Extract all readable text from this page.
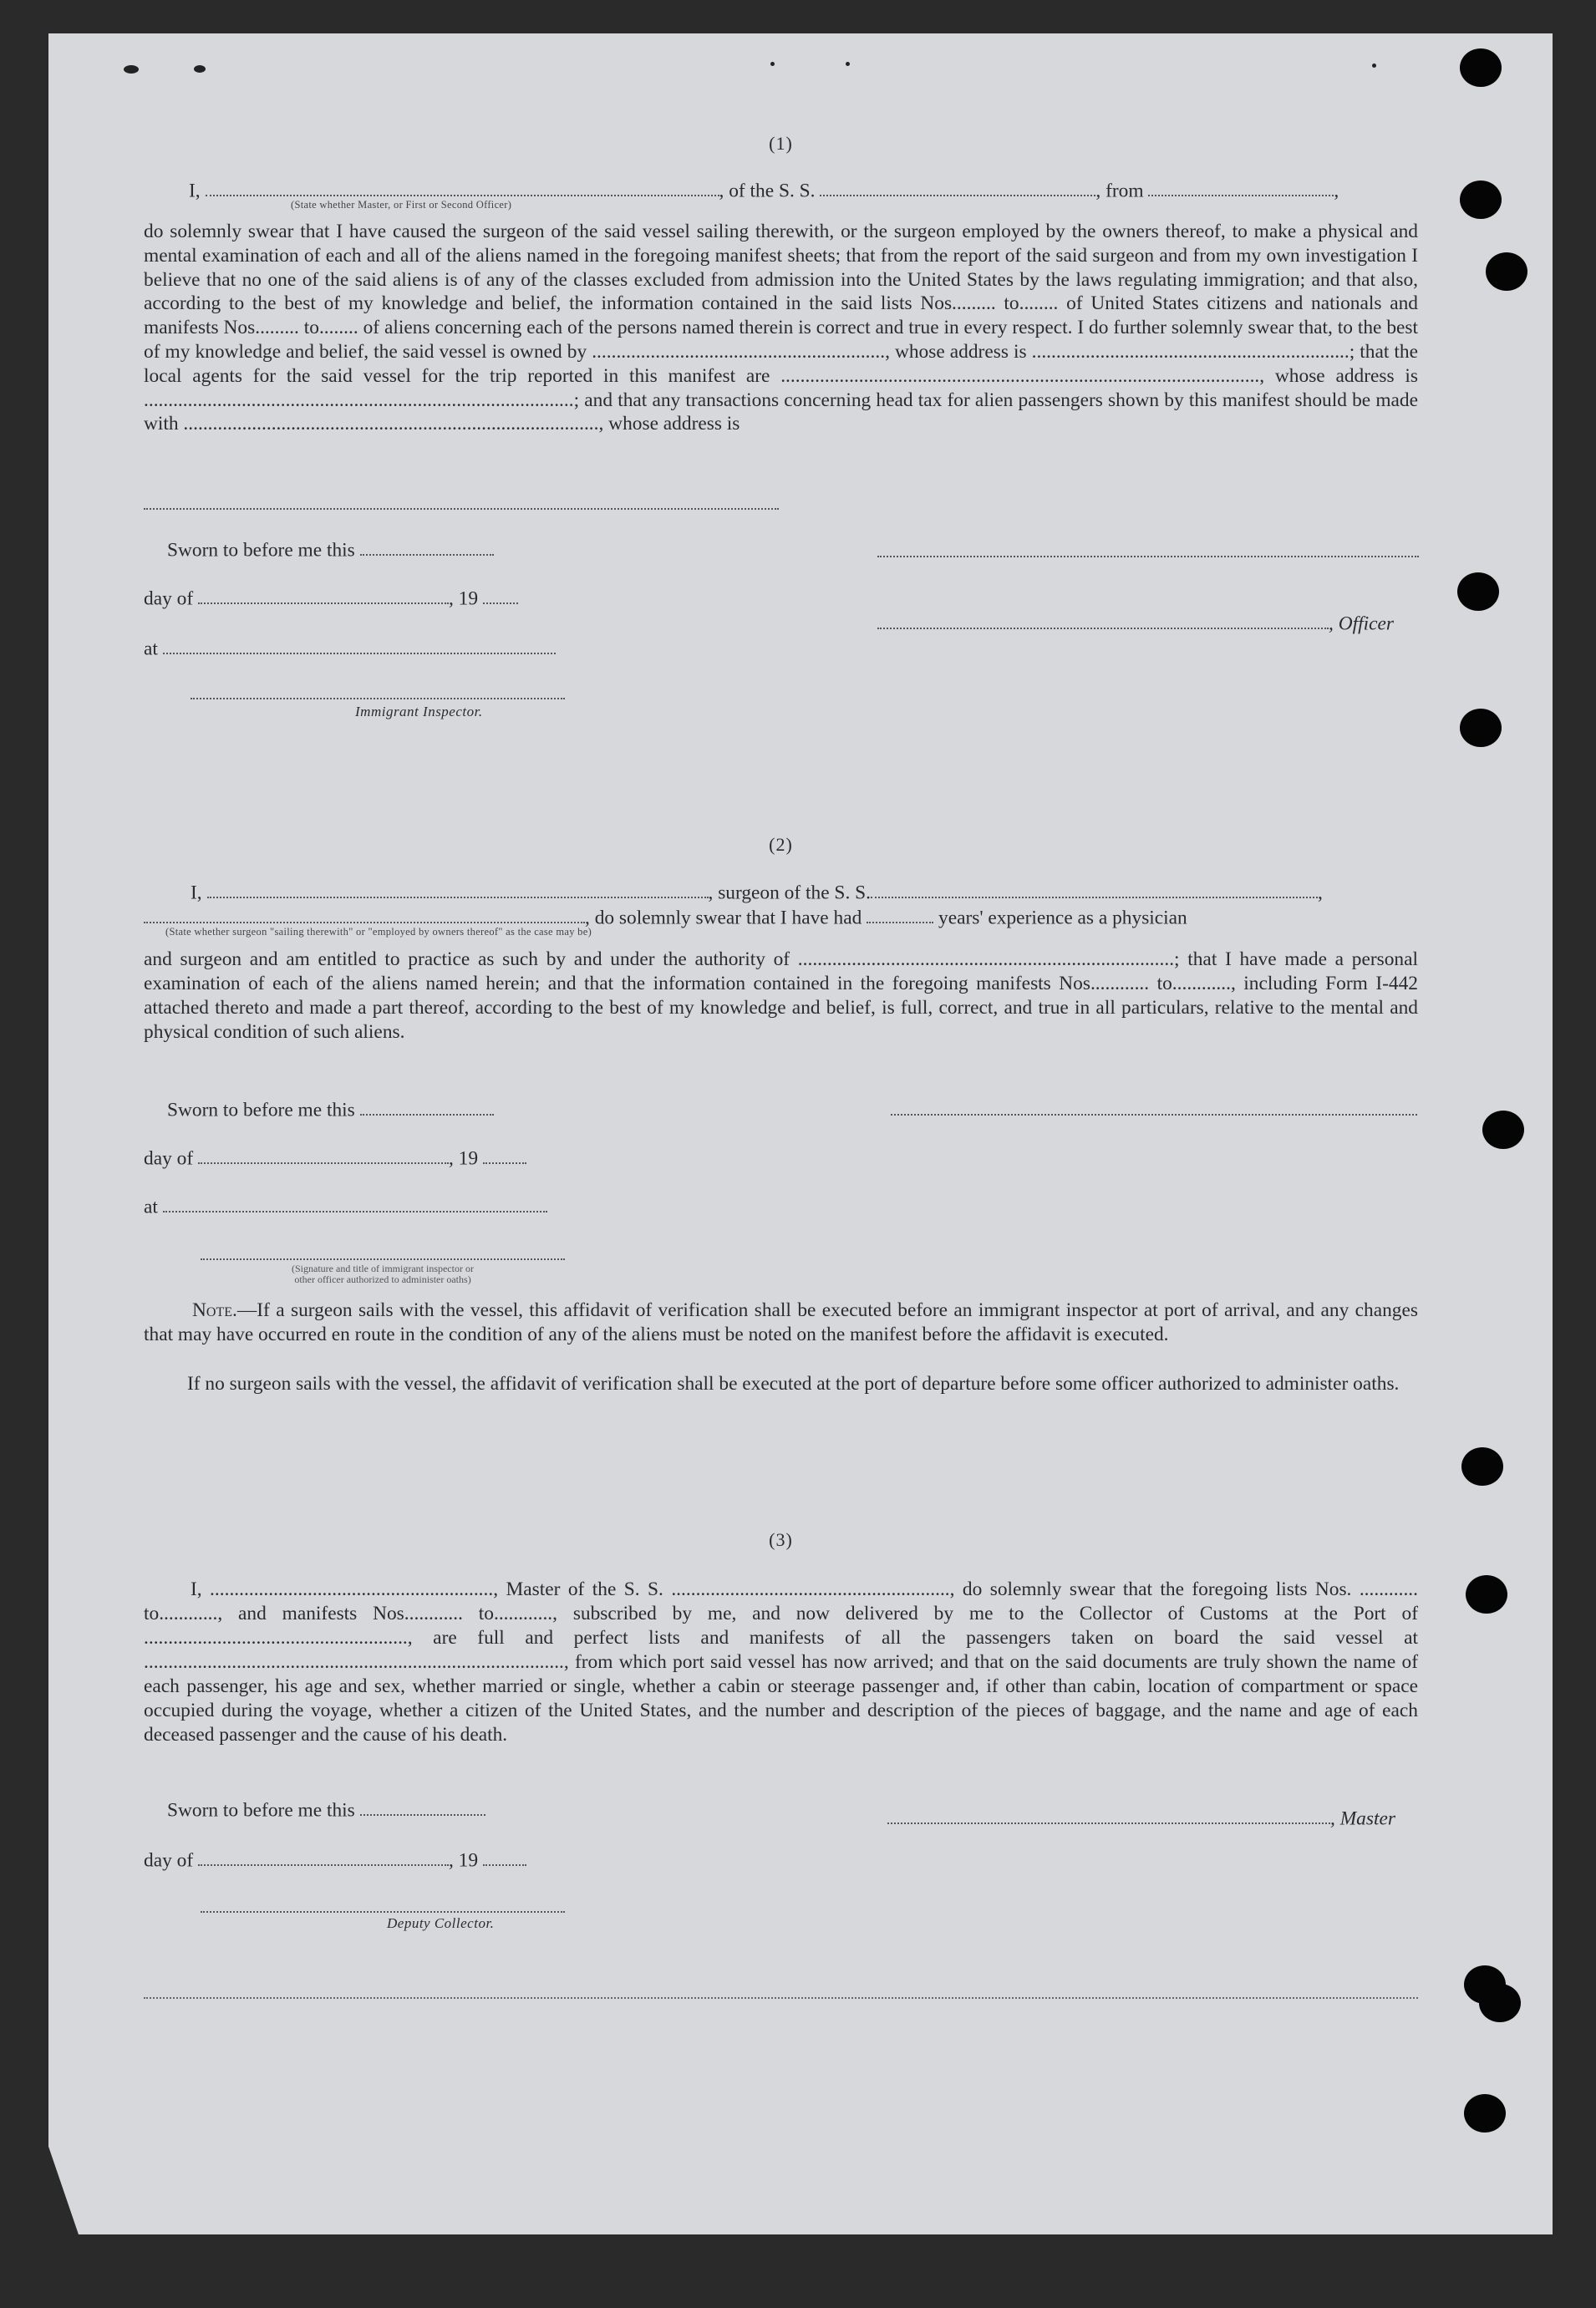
(1)
I,	, of the S. S.	, from	,
(State whether Master, or First or Second Officer)
do solemnly swear that I have caused the surgeon of the said vessel sailing therewith, or the surgeon employed by the owners thereof, to make a physical and mental examination of each and all of the aliens named in the foregoing manifest sheets; that from the report of the said surgeon and from my own investigation I believe that no one of the said aliens is of any of the classes excluded from admission into the United States by the laws regulating immigration; and that also, according to the best of my knowledge and belief, the information contained in the said lists Nos......... to........ of United States citizens and nationals and manifests Nos......... to........ of aliens concerning each of the persons named therein is correct and true in every respect. I do further solemnly swear that, to the best of my knowledge and belief, the said vessel is owned by ............................................................, whose address is .................................................................; that the local agents for the said vessel for the trip reported in this manifest are .................................................................................................., whose address is ........................................................................................; and that any transactions concerning head tax for alien passengers shown by this manifest should be made with ....................................................................................., whose address is
Sworn to before me this
day of	, 19
, Officer
at
Immigrant Inspector.
(2)
I,	, surgeon of the S. S.	,
, do solemnly swear that I have had	years' experience as a physician
(State whether surgeon "sailing therewith" or "employed by owners thereof" as the case may be)
and surgeon and am entitled to practice as such by and under the authority of .............................................................................; that I have made a personal examination of each of the aliens named herein; and that the information contained in the foregoing manifests Nos............ to............, including Form I-442 attached thereto and made a part thereof, according to the best of my knowledge and belief, is full, correct, and true in all particulars, relative to the mental and physical condition of such aliens.
Sworn to before me this
day of	, 19
at
(Signature and title of immigrant inspector or
other officer authorized to administer oaths)
Note.—If a surgeon sails with the vessel, this affidavit of verification shall be executed before an immigrant inspector at port of arrival, and any changes that may have occurred en route in the condition of any of the aliens must be noted on the manifest before the affidavit is executed.
If no surgeon sails with the vessel, the affidavit of verification shall be executed at the port of departure before some officer authorized to administer oaths.
(3)
I, .........................................................., Master of the S. S. ........................................................., do solemnly swear that the foregoing lists Nos. ............ to............, and manifests Nos............ to............, subscribed by me, and now delivered by me to the Collector of Customs at the Port of ......................................................, are full and perfect lists and manifests of all the passengers taken on board the said vessel at ......................................................................................, from which port said vessel has now arrived; and that on the said documents are truly shown the name of each passenger, his age and sex, whether married or single, whether a cabin or steerage passenger and, if other than cabin, location of compartment or space occupied during the voyage, whether a citizen of the United States, and the number and description of the pieces of baggage, and the name and age of each deceased passenger and the cause of his death.
Sworn to before me this	, Master
day of	, 19
Deputy Collector.
